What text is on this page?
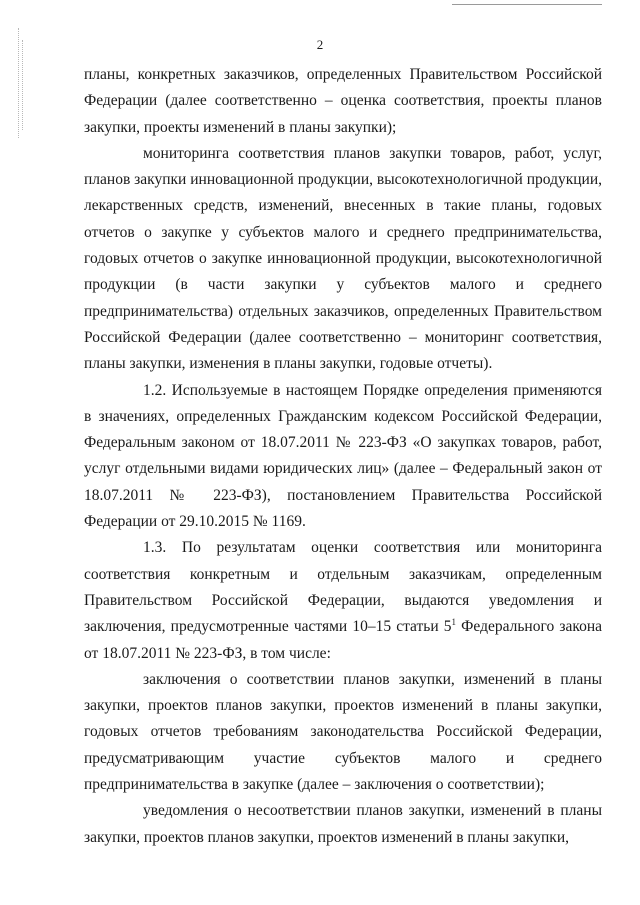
2

планы, конкретных заказчиков, определенных Правительством Российской Федерации (далее соответственно – оценка соответствия, проекты планов закупки, проекты изменений в планы закупки);

мониторинга соответствия планов закупки товаров, работ, услуг, планов закупки инновационной продукции, высокотехнологичной продукции, лекарственных средств, изменений, внесенных в такие планы, годовых отчетов о закупке у субъектов малого и среднего предпринимательства, годовых отчетов о закупке инновационной продукции, высокотехнологичной продукции (в части закупки у субъектов малого и среднего предпринимательства) отдельных заказчиков, определенных Правительством Российской Федерации (далее соответственно – мониторинг соответствия, планы закупки, изменения в планы закупки, годовые отчеты).

1.2. Используемые в настоящем Порядке определения применяются в значениях, определенных Гражданским кодексом Российской Федерации, Федеральным законом от 18.07.2011 № 223-ФЗ «О закупках товаров, работ, услуг отдельными видами юридических лиц» (далее – Федеральный закон от 18.07.2011 № 223-ФЗ), постановлением Правительства Российской Федерации от 29.10.2015 № 1169.

1.3. По результатам оценки соответствия или мониторинга соответствия конкретным и отдельным заказчикам, определенным Правительством Российской Федерации, выдаются уведомления и заключения, предусмотренные частями 10–15 статьи $5^1$ Федерального закона от 18.07.2011 № 223-ФЗ, в том числе:

заключения о соответствии планов закупки, изменений в планы закупки, проектов планов закупки, проектов изменений в планы закупки, годовых отчетов требованиям законодательства Российской Федерации, предусматривающим участие субъектов малого и среднего предпринимательства в закупке (далее – заключения о соответствии);

уведомления о несоответствии планов закупки, изменений в планы закупки, проектов планов закупки, проектов изменений в планы закупки,
